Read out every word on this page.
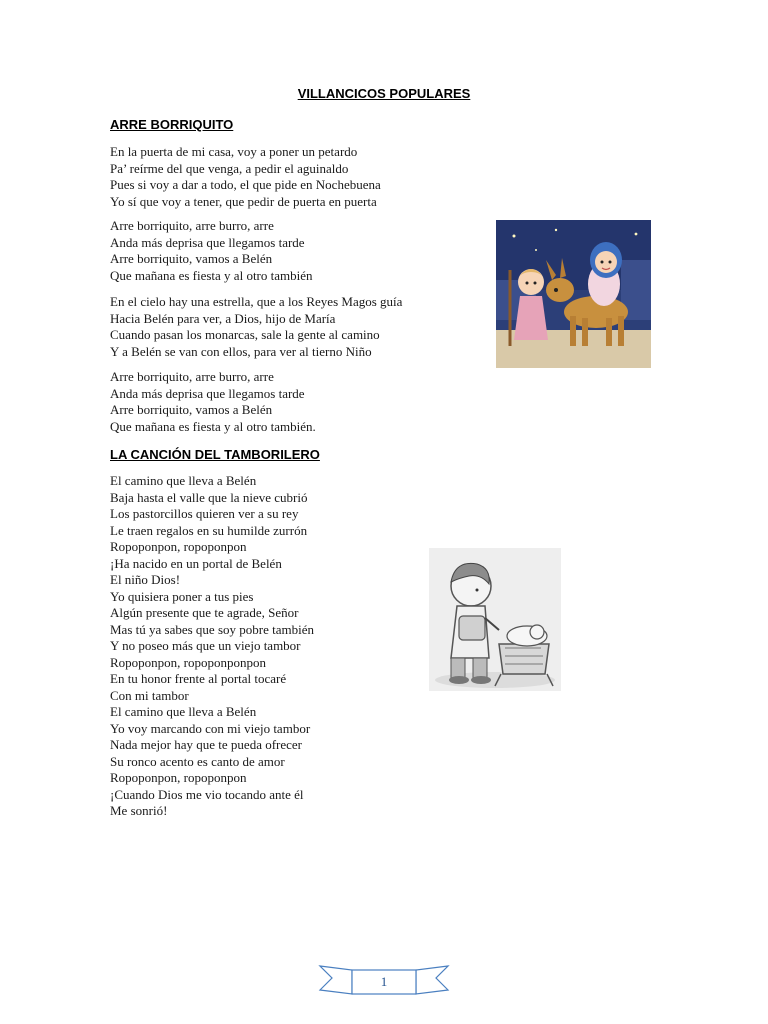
VILLANCICOS POPULARES
ARRE BORRIQUITO
En la puerta de mi casa, voy a poner un petardo
Pa’ reírme del que venga, a pedir el aguinaldo
Pues si voy a dar a todo, el que pide en Nochebuena
Yo sí que voy a tener, que pedir de puerta en puerta
Arre borriquito, arre burro, arre
Anda más deprisa que llegamos tarde
Arre borriquito, vamos a Belén
Que mañana es fiesta y al otro también
En el cielo hay una estrella, que a los Reyes Magos guía
Hacia Belén para ver, a Dios, hijo de María
Cuando pasan los monarcas, sale la gente al camino
Y a Belén se van con ellos, para ver al tierno Niño
Arre borriquito, arre burro, arre
Anda más deprisa que llegamos tarde
Arre borriquito, vamos a Belén
Que mañana es fiesta y al otro también.
LA CANCIÓN DEL TAMBORILERO
El camino que lleva a Belén
Baja hasta el valle que la nieve cubrió
Los pastorcillos quieren ver a su rey
Le traen regalos en su humilde zurrón
Ropoponpon, ropoponpon
¡Ha nacido en un portal de Belén
El niño Dios!
Yo quisiera poner a tus pies
Algún presente que te agrade, Señor
Mas tú ya sabes que soy pobre también
Y no poseo más que un viejo tambor
Ropoponpon, ropoponponpon
En tu honor frente al portal tocaré
Con mi tambor
El camino que lleva a Belén
Yo voy marcando con mi viejo tambor
Nada mejor hay que te pueda ofrecer
Su ronco acento es canto de amor
Ropoponpon, ropoponpon
¡Cuando Dios me vio tocando ante él
Me sonrió!
1
